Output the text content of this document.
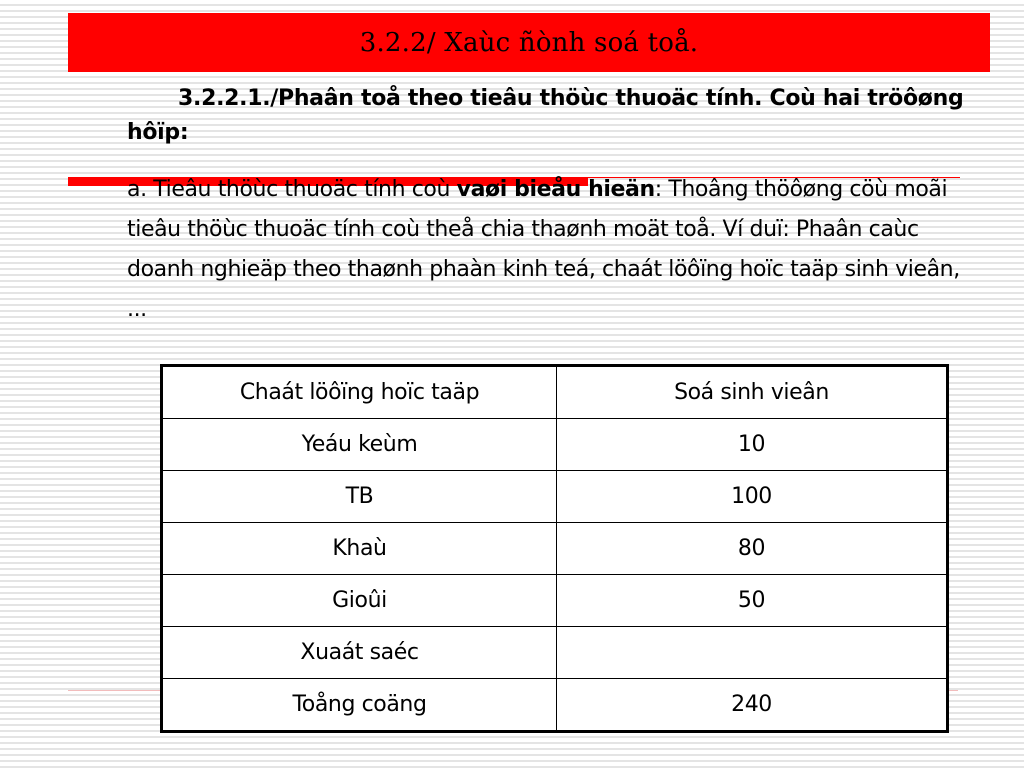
3.2.2/ Xaùc ñònh soá toå.
3.2.2.1./Phaân toå theo tieâu thöùc thuoäc tính. Coù hai tröôøng hôïp:
a. Tieâu thöùc thuoäc tính coù vaøi bieåu hieän: Thoâng thöôøng cöù moãi tieâu thöùc thuoäc tính coù theå chia thaønh moät toå. Ví duï: Phaân caùc doanh nghieäp theo thaønh phaàn kinh teá, chaát löôïng hoïc taäp sinh vieân, ...
Chaát löôïng hoïc taäp	Soá sinh vieân
Yeáu keùm	10
TB	100
Khaù	80
Gioûi	50
Xuaát saéc	
Toång coäng	240
